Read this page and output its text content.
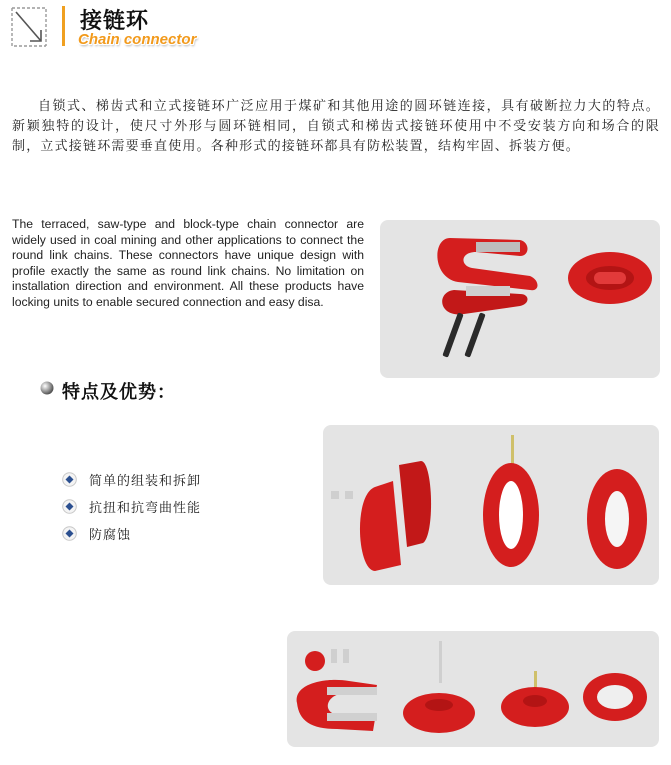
接链环
Chain connector
自锁式、梯齿式和立式接链环广泛应用于煤矿和其他用途的圆环链连接，具有破断拉力大的特点。新颖独特的设计，使尺寸外形与圆环链相同，自锁式和梯齿式接链环使用中不受安装方向和场合的限制，立式接链环需要垂直使用。各种形式的接链环都具有防松装置，结构牢固、拆装方便。
The terraced, saw-type and block-type chain connector are widely used in coal mining and other applications to connect the round link chains. These connectors have unique design with profile exactly the same as round link chains. No limitation on installation direction and environment. All these products have locking units to enable secured connection and easy disa.
特点及优势：
简单的组装和拆卸
抗扭和抗弯曲性能
防腐蚀
